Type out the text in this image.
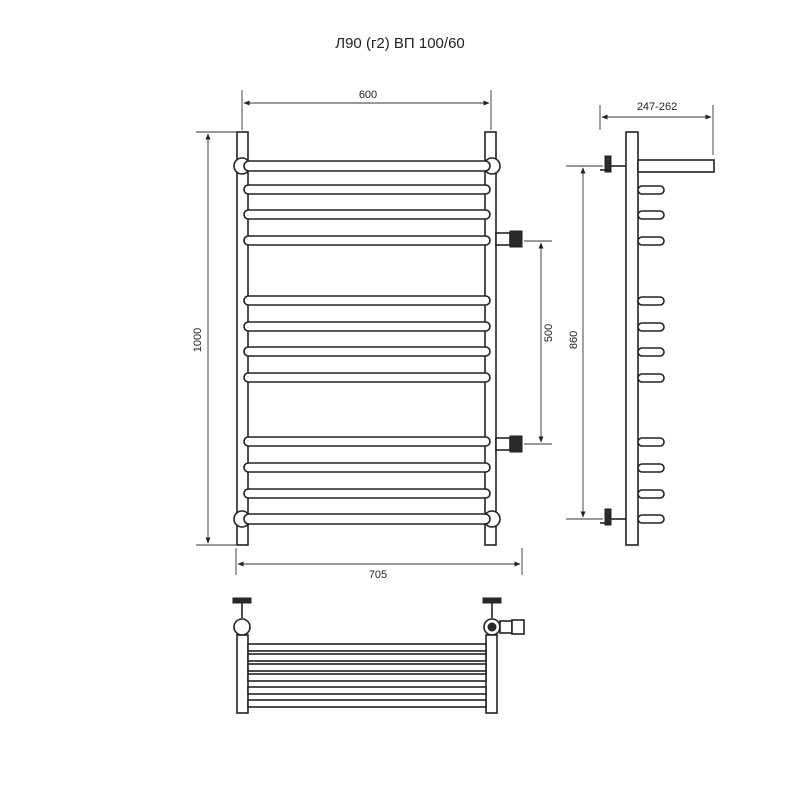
Л90 (г2) ВП 100/60
600
1000	500
705
247-262
860
